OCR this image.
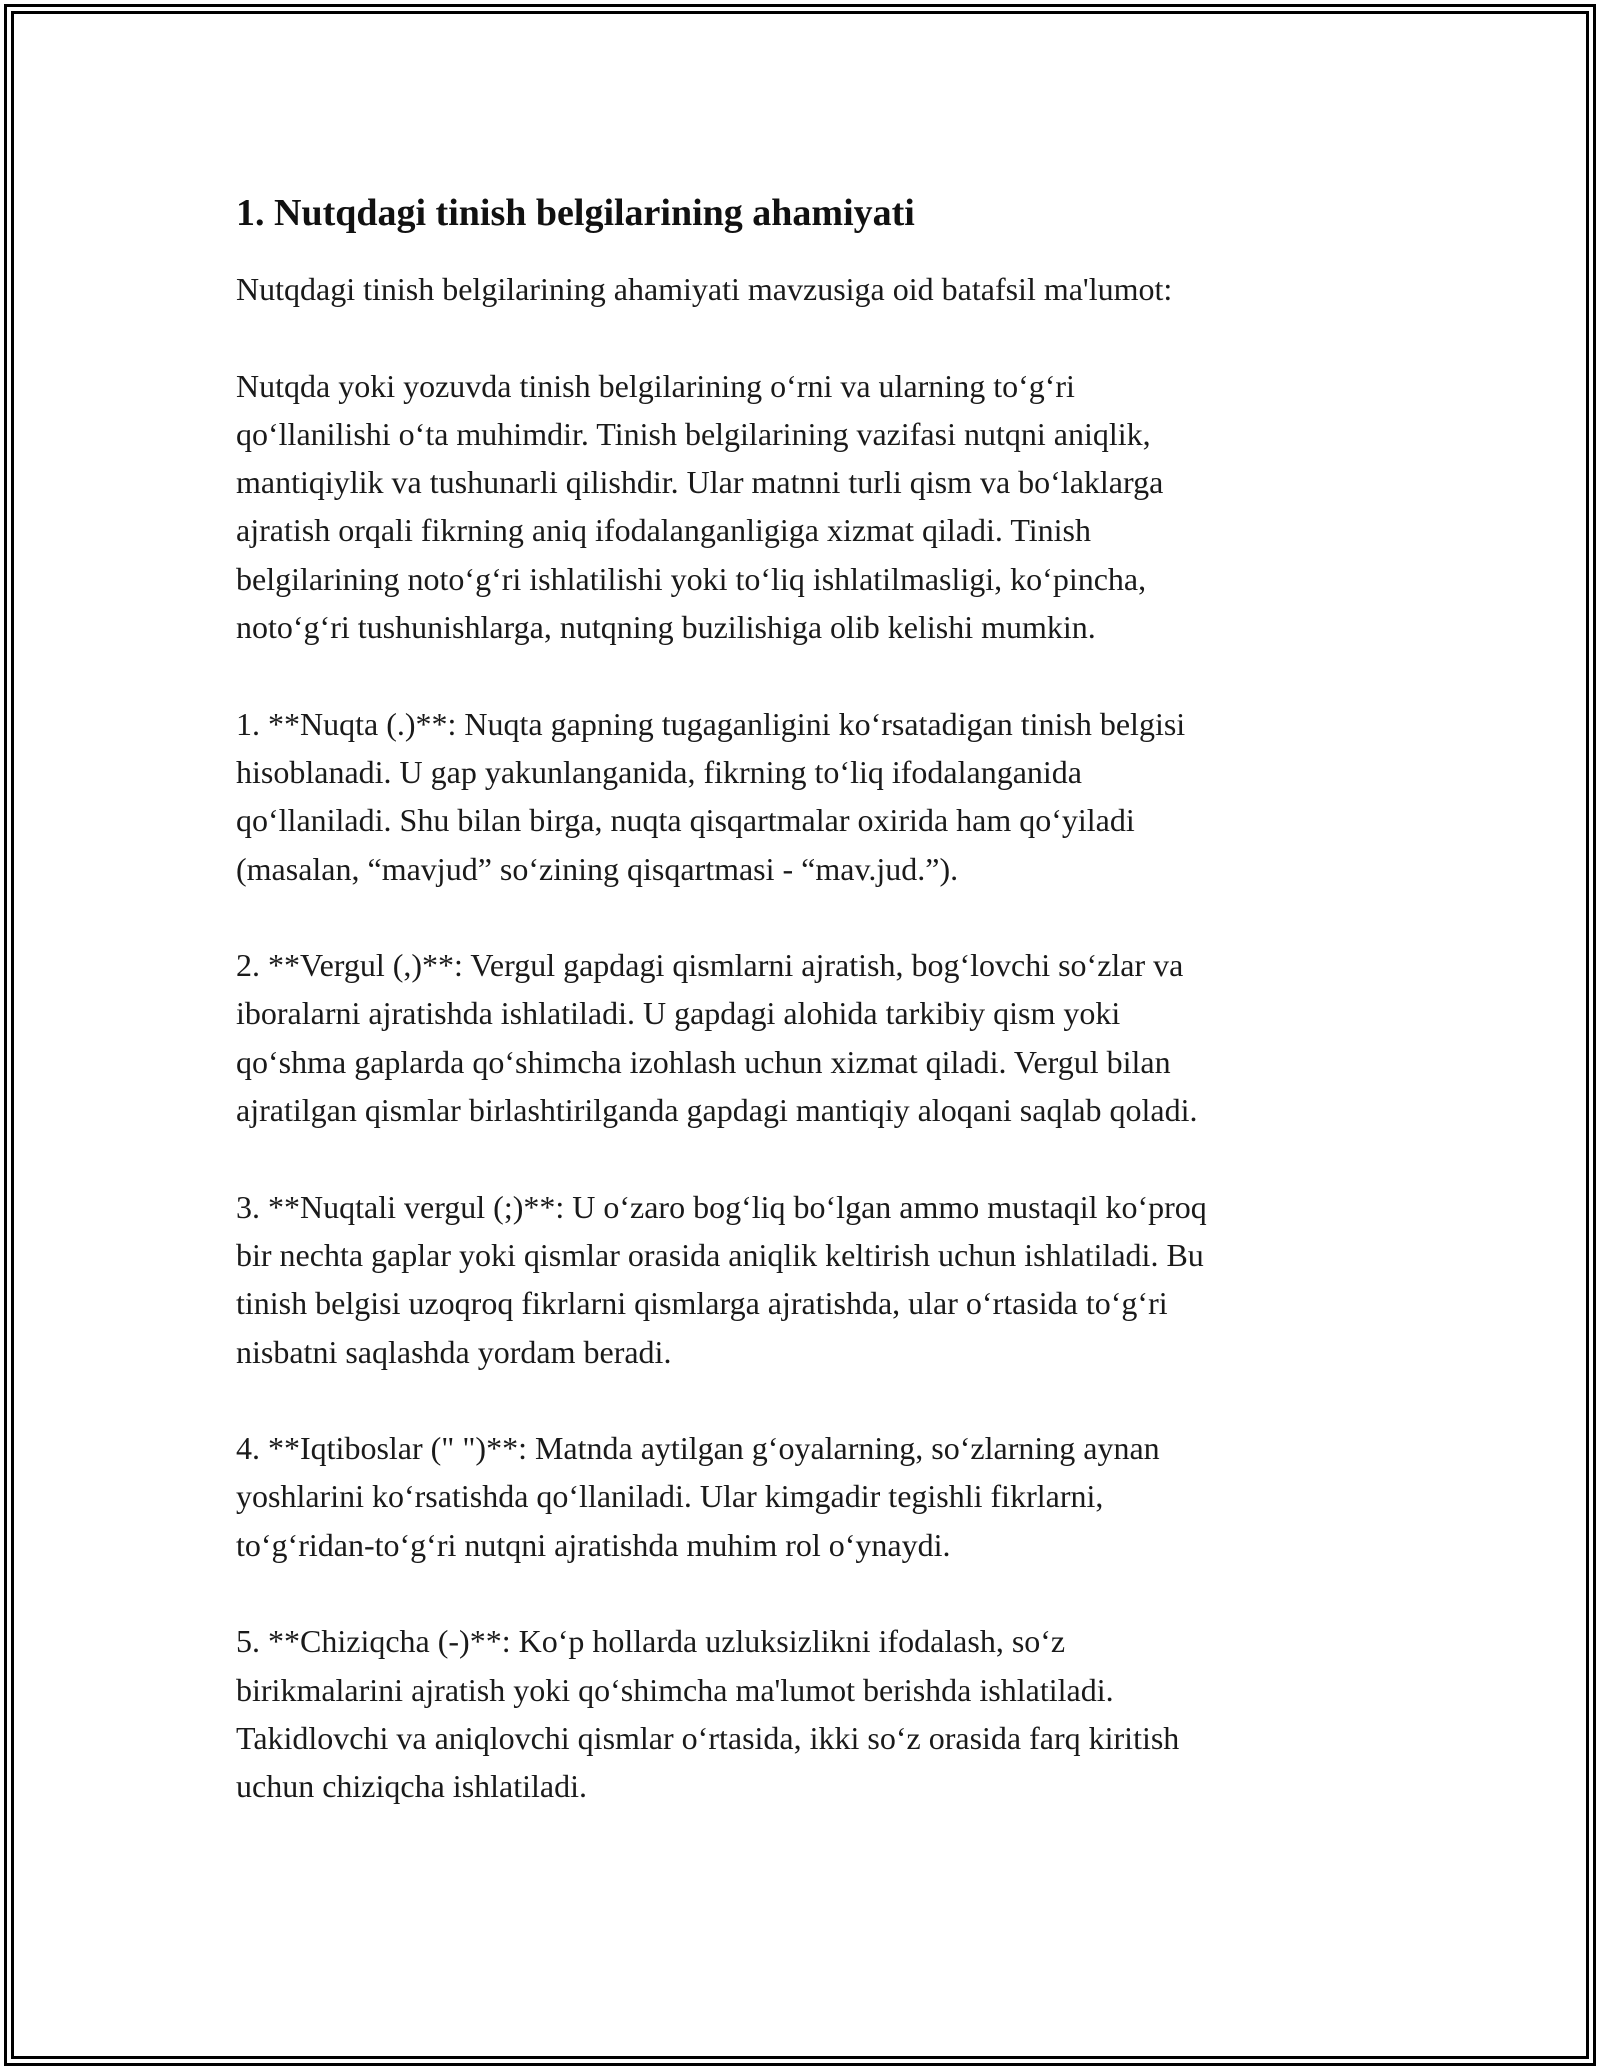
1. Nutqdagi tinish belgilarining ahamiyati

Nutqdagi tinish belgilarining ahamiyati mavzusiga oid batafsil ma'lumot:

Nutqda yoki yozuvda tinish belgilarining o‘rni va ularning to‘g‘ri
qo‘llanilishi o‘ta muhimdir. Tinish belgilarining vazifasi nutqni aniqlik,
mantiqiylik va tushunarli qilishdir. Ular matnni turli qism va bo‘laklarga
ajratish orqali fikrning aniq ifodalanganligiga xizmat qiladi. Tinish
belgilarining noto‘g‘ri ishlatilishi yoki to‘liq ishlatilmasligi, ko‘pincha,
noto‘g‘ri tushunishlarga, nutqning buzilishiga olib kelishi mumkin.

1. **Nuqta (.)**: Nuqta gapning tugaganligini ko‘rsatadigan tinish belgisi
hisoblanadi. U gap yakunlanganida, fikrning to‘liq ifodalanganida
qo‘llaniladi. Shu bilan birga, nuqta qisqartmalar oxirida ham qo‘yiladi
(masalan, “mavjud” so‘zining qisqartmasi - “mav.jud.”).

2. **Vergul (,)**: Vergul gapdagi qismlarni ajratish, bog‘lovchi so‘zlar va
iboralarni ajratishda ishlatiladi. U gapdagi alohida tarkibiy qism yoki
qo‘shma gaplarda qo‘shimcha izohlash uchun xizmat qiladi. Vergul bilan
ajratilgan qismlar birlashtirilganda gapdagi mantiqiy aloqani saqlab qoladi.

3. **Nuqtali vergul (;)**: U o‘zaro bog‘liq bo‘lgan ammo mustaqil ko‘proq
bir nechta gaplar yoki qismlar orasida aniqlik keltirish uchun ishlatiladi. Bu
tinish belgisi uzoqroq fikrlarni qismlarga ajratishda, ular o‘rtasida to‘g‘ri
nisbatni saqlashda yordam beradi.

4. **Iqtiboslar (" ")**: Matnda aytilgan g‘oyalarning, so‘zlarning aynan
yoshlarini ko‘rsatishda qo‘llaniladi. Ular kimgadir tegishli fikrlarni,
to‘g‘ridan-to‘g‘ri nutqni ajratishda muhim rol o‘ynaydi.

5. **Chiziqcha (-)**: Ko‘p hollarda uzluksizlikni ifodalash, so‘z
birikmalarini ajratish yoki qo‘shimcha ma'lumot berishda ishlatiladi.
Takidlovchi va aniqlovchi qismlar o‘rtasida, ikki so‘z orasida farq kiritish
uchun chiziqcha ishlatiladi.
